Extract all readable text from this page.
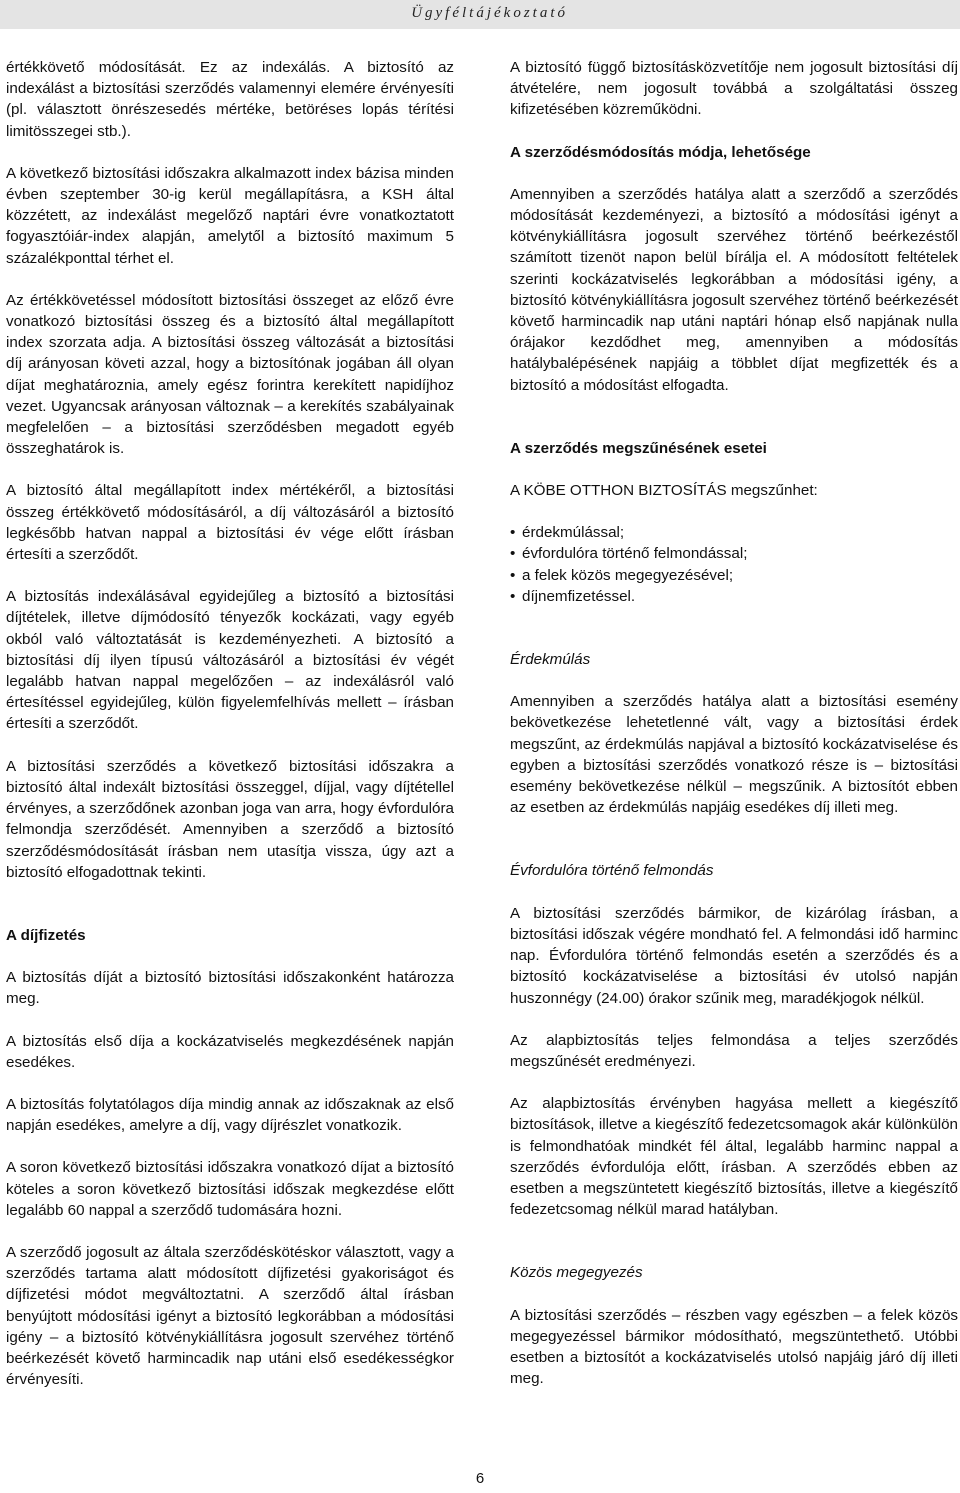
Ügyféltájékoztató

értékkövető módosítását. Ez az indexálás. A biztosító az indexálást a biztosítási szerződés valamennyi elemére érvényesíti (pl. választott önrészesedés mértéke, betöréses lopás térítési limitösszegei stb.).

A következő biztosítási időszakra alkalmazott index bázisa minden évben szeptember 30-ig kerül megállapításra, a KSH által közzétett, az indexálást megelőző naptári évre vonatkoztatott fogyasztóiár-index alapján, amelytől a biztosító maximum 5 százalékponttal térhet el.

Az értékkövetéssel módosított biztosítási összeget az előző évre vonatkozó biztosítási összeg és a biztosító által megállapított index szorzata adja. A biztosítási összeg változását a biztosítási díj arányosan követi azzal, hogy a biztosítónak jogában áll olyan díjat meghatároznia, amely egész forintra kerekített napidíjhoz vezet. Ugyancsak arányosan változnak – a kerekítés szabályainak megfelelően – a biztosítási szerződésben megadott egyéb összeghatárok is.

A biztosító által megállapított index mértékéről, a biztosítási összeg értékkövető módosításáról, a díj változásáról a biztosító legkésőbb hatvan nappal a biztosítási év vége előtt írásban értesíti a szerződőt.

A biztosítás indexálásával egyidejűleg a biztosító a biztosítási díjtételek, illetve díjmódosító tényezők kockázati, vagy egyéb okból való változtatását is kezdeményezheti. A biztosító a biztosítási díj ilyen típusú változásáról a biztosítási év végét legalább hatvan nappal megelőzően – az indexálásról való értesítéssel egyidejűleg, külön figyelemfelhívás mellett – írásban értesíti a szerződőt.

A biztosítási szerződés a következő biztosítási időszakra a biztosító által indexált biztosítási összeggel, díjjal, vagy díjtétellel érvényes, a szerződőnek azonban joga van arra, hogy évfordulóra felmondja szerződését. Amennyiben a szerződő a biztosító szerződésmódosítását írásban nem utasítja vissza, úgy azt a biztosító elfogadottnak tekinti.

A díjfizetés

A biztosítás díját a biztosító biztosítási időszakonként határozza meg.

A biztosítás első díja a kockázatviselés megkezdésének napján esedékes.

A biztosítás folytatólagos díja mindig annak az időszaknak az első napján esedékes, amelyre a díj, vagy díjrészlet vonatkozik.

A soron következő biztosítási időszakra vonatkozó díjat a biztosító köteles a soron következő biztosítási időszak megkezdése előtt legalább 60 nappal a szerződő tudomására hozni.

A szerződő jogosult az általa szerződéskötéskor választott, vagy a szerződés tartama alatt módosított díjfizetési gyakoriságot és díjfizetési módot megváltoztatni. A szerződő által írásban benyújtott módosítási igényt a biztosító legkorábban a módosítási igény – a biztosító kötvénykiállításra jogosult szervéhez történő beérkezését követő harmincadik nap utáni első esedékességkor érvényesíti.

A biztosító függő biztosításközvetítője nem jogosult biztosítási díj átvételére, nem jogosult továbbá a szolgáltatási összeg kifizetésében közreműködni.

A szerződésmódosítás módja, lehetősége

Amennyiben a szerződés hatálya alatt a szerződő a szerződés módosítását kezdeményezi, a biztosító a módosítási igényt a kötvénykiállításra jogosult szervéhez történő beérkezéstől számított tizenöt napon belül bírálja el. A módosított feltételek szerinti kockázatviselés legkorábban a módosítási igény, a biztosító kötvénykiállításra jogosult szervéhez történő beérkezését követő harmincadik nap utáni naptári hónap első napjának nulla órájakor kezdődhet meg, amennyiben a módosítás hatálybalépésének napjáig a többlet díjat megfizették és a biztosító a módosítást elfogadta.

A szerződés megszűnésének esetei

A KÖBE OTTHON BIZTOSÍTÁS megszűnhet:

• érdekmúlással;
• évfordulóra történő felmondással;
• a felek közös megegyezésével;
• díjnemfizetéssel.

Érdekmúlás

Amennyiben a szerződés hatálya alatt a biztosítási esemény bekövetkezése lehetetlenné vált, vagy a biztosítási érdek megszűnt, az érdekmúlás napjával a biztosító kockázatviselése és egyben a biztosítási szerződés vonatkozó része is – biztosítási esemény bekövetkezése nélkül – megszűnik. A biztosítót ebben az esetben az érdekmúlás napjáig esedékes díj illeti meg.

Évfordulóra történő felmondás

A biztosítási szerződés bármikor, de kizárólag írásban, a biztosítási időszak végére mondható fel. A felmondási idő harminc nap. Évfordulóra történő felmondás esetén a szerződés és a biztosító kockázatviselése a biztosítási év utolsó napján huszonnégy (24.00) órakor szűnik meg, maradékjogok nélkül.

Az alapbiztosítás teljes felmondása a teljes szerződés megszűnését eredményezi.

Az alapbiztosítás érvényben hagyása mellett a kiegészítő biztosítások, illetve a kiegészítő fedezetcsomagok akár különkülön is felmondhatóak mindkét fél által, legalább harminc nappal a szerződés évfordulója előtt, írásban. A szerződés ebben az esetben a megszüntetett kiegészítő biztosítás, illetve a kiegészítő fedezetcsomag nélkül marad hatályban.

Közös megegyezés

A biztosítási szerződés – részben vagy egészben – a felek közös megegyezéssel bármikor módosítható, megszüntethető. Utóbbi esetben a biztosítót a kockázatviselés utolsó napjáig járó díj illeti meg.

6
